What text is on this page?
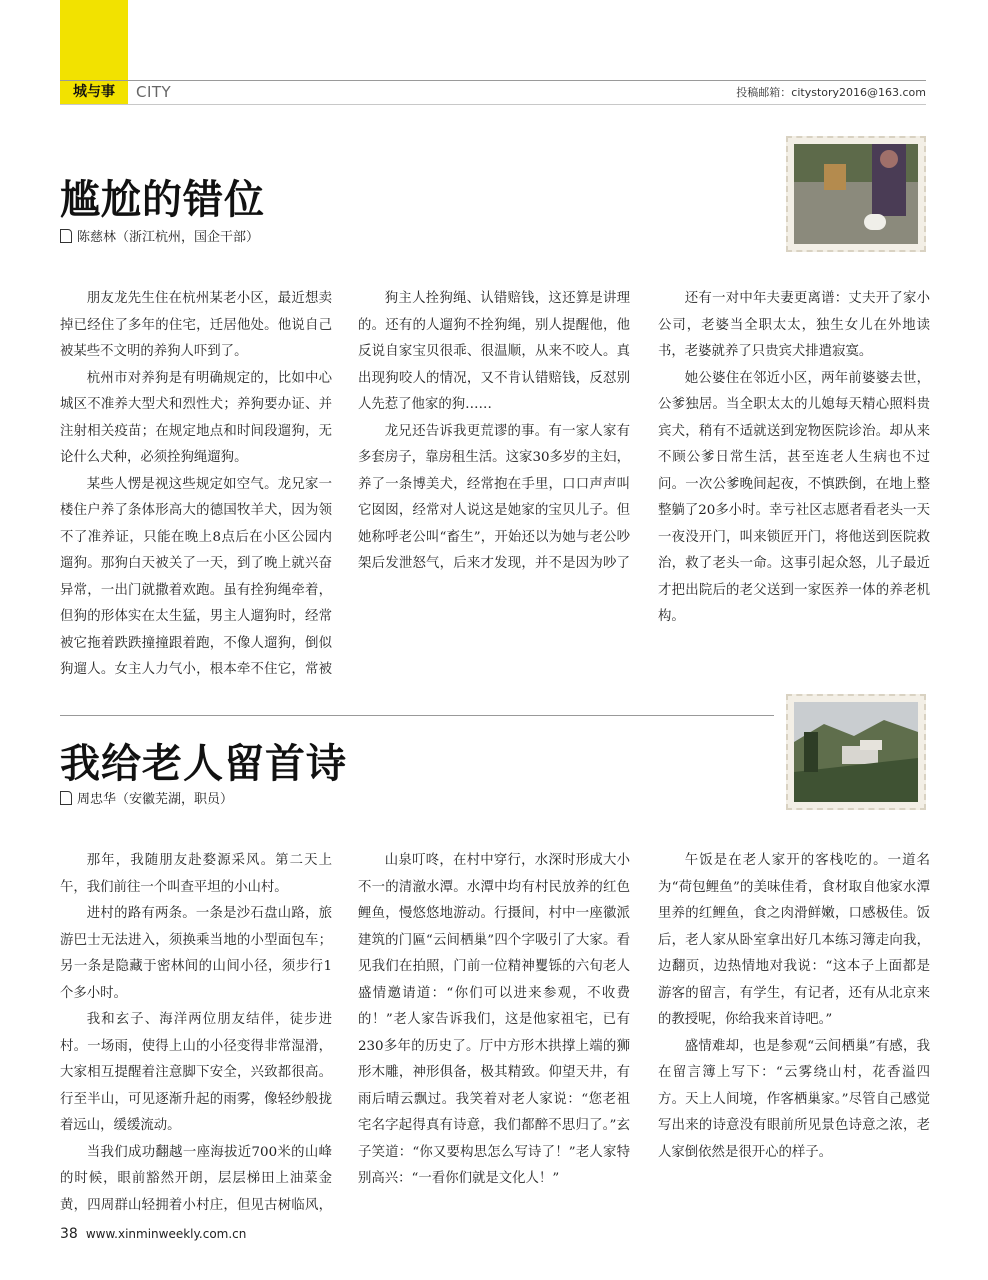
城与事	CITY	投稿邮箱：citystory2016@163.com
尴尬的错位
陈慈林（浙江杭州，国企干部）

朋友龙先生住在杭州某老小区，最近想卖掉已经住了多年的住宅，迁居他处。他说自己被某些不文明的养狗人吓到了。

杭州市对养狗是有明确规定的，比如中心城区不准养大型犬和烈性犬；养狗要办证、并注射相关疫苗；在规定地点和时间段遛狗，无论什么犬种，必须拴狗绳遛狗。

某些人愣是视这些规定如空气。龙兄家一楼住户养了条体形高大的德国牧羊犬，因为领不了准养证，只能在晚上8点后在小区公园内遛狗。那狗白天被关了一天，到了晚上就兴奋异常，一出门就撒着欢跑。虽有拴狗绳牵着，但狗的形体实在太生猛，男主人遛狗时，经常被它拖着跌跌撞撞跟着跑，不像人遛狗，倒似狗遛人。女主人力气小，根本牵不住它，常被

狗主人拴狗绳、认错赔钱，这还算是讲理的。还有的人遛狗不拴狗绳，别人提醒他，他反说自家宝贝很乖、很温顺，从来不咬人。真出现狗咬人的情况，又不肯认错赔钱，反怼别人先惹了他家的狗……

龙兄还告诉我更荒谬的事。有一家人家有多套房子，靠房租生活。这家30多岁的主妇，养了一条博美犬，经常抱在手里，口口声声叫它囡囡，经常对人说这是她家的宝贝儿子。但她称呼老公叫“畜生”，开始还以为她与老公吵架后发泄怒气，后来才发现，并不是因为吵了

还有一对中年夫妻更离谱：丈夫开了家小公司，老婆当全职太太，独生女儿在外地读书，老婆就养了只贵宾犬排遣寂寞。

她公婆住在邻近小区，两年前婆婆去世，公爹独居。当全职太太的儿媳每天精心照料贵宾犬，稍有不适就送到宠物医院诊治。却从来不顾公爹日常生活，甚至连老人生病也不过问。一次公爹晚间起夜，不慎跌倒，在地上整整躺了20多小时。幸亏社区志愿者看老头一天一夜没开门，叫来锁匠开门，将他送到医院救治，救了老头一命。这事引起众怒，儿子最近才把出院后的老父送到一家医养一体的养老机构。

我给老人留首诗
周忠华（安徽芜湖，职员）

那年，我随朋友赴婺源采风。第二天上午，我们前往一个叫查平坦的小山村。

进村的路有两条。一条是沙石盘山路，旅游巴士无法进入，须换乘当地的小型面包车；另一条是隐藏于密林间的山间小径，须步行1个多小时。

我和玄子、海洋两位朋友结伴，徒步进村。一场雨，使得上山的小径变得非常湿滑，大家相互提醒着注意脚下安全，兴致都很高。行至半山，可见逐渐升起的雨雾，像轻纱般拢着远山，缓缓流动。

当我们成功翻越一座海拔近700米的山峰的时候，眼前豁然开朗，层层梯田上油菜金黄，四周群山轻拥着小村庄，但见古树临风，

山泉叮咚，在村中穿行，水深时形成大小不一的清澈水潭。水潭中均有村民放养的红色鲤鱼，慢悠悠地游动。行摄间，村中一座徽派建筑的门匾“云间栖巢”四个字吸引了大家。看见我们在拍照，门前一位精神矍铄的六旬老人盛情邀请道：“你们可以进来参观，不收费的！”老人家告诉我们，这是他家祖宅，已有230多年的历史了。厅中方形木拱撑上端的狮形木雕，神形俱备，极其精致。仰望天井，有雨后晴云飘过。我笑着对老人家说：“您老祖宅名字起得真有诗意，我们都醉不思归了。”玄子笑道：“你又要构思怎么写诗了！”老人家特别高兴：“一看你们就是文化人！”

午饭是在老人家开的客栈吃的。一道名为“荷包鲤鱼”的美味佳肴，食材取自他家水潭里养的红鲤鱼，食之肉滑鲜嫩，口感极佳。饭后，老人家从卧室拿出好几本练习簿走向我，边翻页，边热情地对我说：“这本子上面都是游客的留言，有学生，有记者，还有从北京来的教授呢，你给我来首诗吧。”

盛情难却，也是参观“云间栖巢”有感，我在留言簿上写下：“云雾绕山村，花香溢四方。天上人间境，作客栖巢家。”尽管自己感觉写出来的诗意没有眼前所见景色诗意之浓，老人家倒依然是很开心的样子。

38 www.xinminweekly.com.cn
